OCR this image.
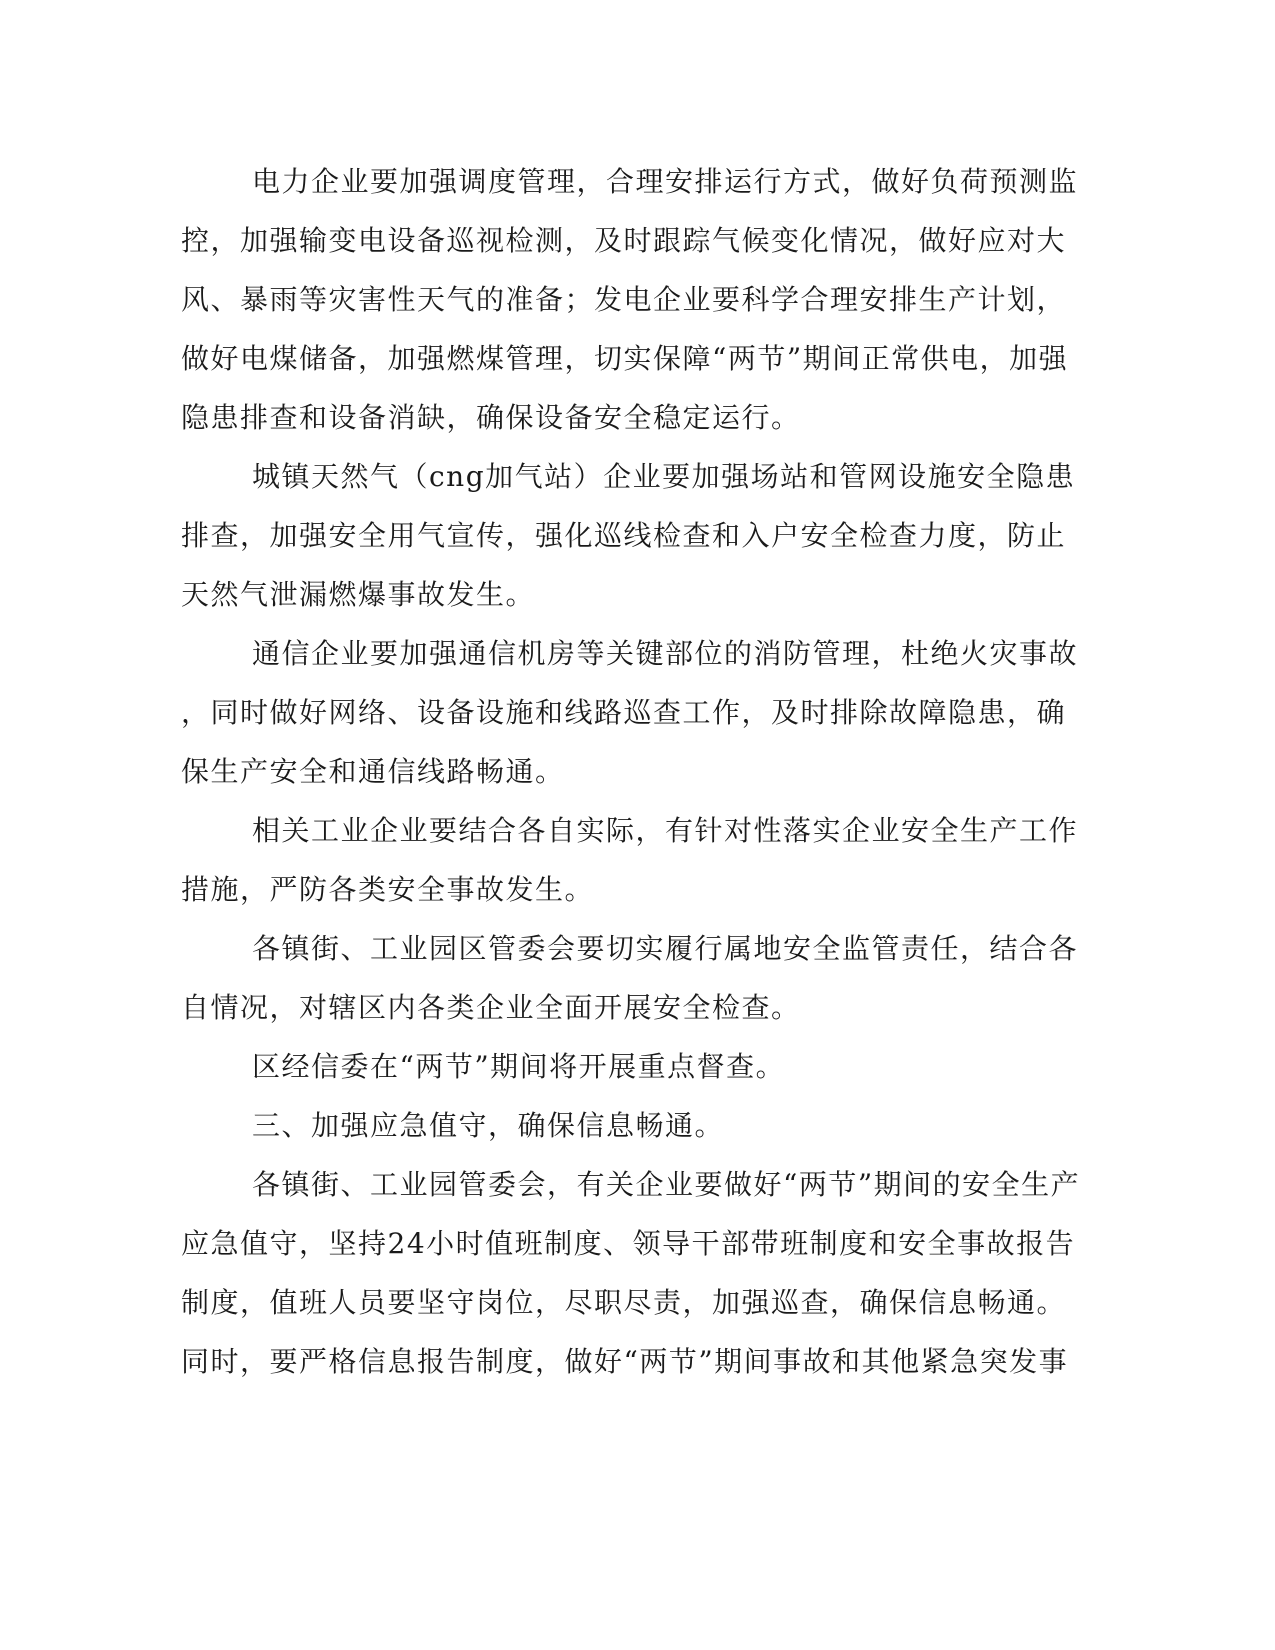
电力企业要加强调度管理，合理安排运行方式，做好负荷预测监
控，加强输变电设备巡视检测，及时跟踪气候变化情况，做好应对大
风、暴雨等灾害性天气的准备；发电企业要科学合理安排生产计划，
做好电煤储备，加强燃煤管理，切实保障“两节”期间正常供电，加强
隐患排查和设备消缺，确保设备安全稳定运行。
城镇天然气（cng加气站）企业要加强场站和管网设施安全隐患
排查，加强安全用气宣传，强化巡线检查和入户安全检查力度，防止
天然气泄漏燃爆事故发生。
通信企业要加强通信机房等关键部位的消防管理，杜绝火灾事故
，同时做好网络、设备设施和线路巡查工作，及时排除故障隐患，确
保生产安全和通信线路畅通。
相关工业企业要结合各自实际，有针对性落实企业安全生产工作
措施，严防各类安全事故发生。
各镇街、工业园区管委会要切实履行属地安全监管责任，结合各
自情况，对辖区内各类企业全面开展安全检查。
区经信委在“两节”期间将开展重点督查。
三、加强应急值守，确保信息畅通。
各镇街、工业园管委会，有关企业要做好“两节”期间的安全生产
应急值守，坚持24小时值班制度、领导干部带班制度和安全事故报告
制度，值班人员要坚守岗位，尽职尽责，加强巡查，确保信息畅通。
同时，要严格信息报告制度，做好“两节”期间事故和其他紧急突发事
